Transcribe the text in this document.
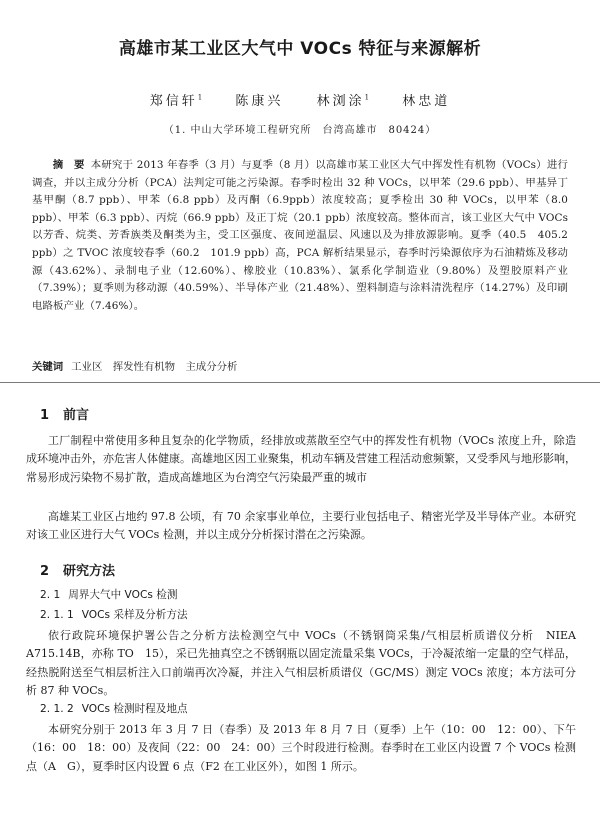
高雄市某工业区大气中 VOCs 特征与来源解析
郑信轩$^1$	陈康兴	林浏涂$^1$	林忠道
（1. 中山大学环境工程研究所　台湾高雄市　80424）
摘　要 本研究于 2013 年春季（3 月）与夏季（8 月）以高雄市某工业区大气中挥发性有机物（VOCs）进行调查，并以主成分分析（PCA）法判定可能之污染源。春季时检出 32 种 VOCs，以甲苯（29.6 ppb）、甲基异丁基甲酮（8.7 ppb）、甲苯（6.8 ppb）及丙酮（6.9ppb）浓度较高；夏季检出 30 种 VOCs，以甲苯（8.0 ppb）、甲苯（6.3 ppb）、丙烷（66.9 ppb）及正丁烷（20.1 ppb）浓度较高。整体而言，该工业区大气中 VOCs 以芳香、烷类、芳香族类及酮类为主，受工区强度、夜间逆温层、风速以及为排放源影响。夏季（40.5　405.2 ppb）之 TVOC 浓度较春季（60.2　101.9 ppb）高，PCA 解析结果显示，春季时污染源依序为石油精炼及移动源（43.62%）、录制电子业（12.60%）、橡胶业（10.83%）、氯系化学制造业（9.80%）及塑胶原料产业（7.39%）；夏季则为移动源（40.59%）、半导体产业（21.48%）、塑料制造与涂料清洗程序（14.27%）及印刷电路板产业（7.46%）。
关键词 工业区　挥发性有机物　主成分分析
1 前言
工厂制程中常使用多种且复杂的化学物质，经排放或蒸散至空气中的挥发性有机物（VOCs 浓度上升，除造成环境冲击外，亦危害人体健康。高雄地区因工业聚集，机动车辆及营建工程活动愈频繁，又受季风与地形影响，常易形成污染物不易扩散，造成高雄地区为台湾空气污染最严重的城市
高雄某工业区占地约 97.8 公顷，有 70 余家事业单位，主要行业包括电子、精密光学及半导体产业。本研究对该工业区进行大气 VOCs 检测，并以主成分分析探讨潜在之污染源。
2 研究方法
2. 1 周界大气中 VOCs 检测
2. 1. 1 VOCs 采样及分析方法
依行政院环境保护署公告之分析方法检测空气中 VOCs（不锈钢筒采集/气相层析质谱仪分析　NIEA A715.14B，亦称 TO　15），采已先抽真空之不锈钢瓶以固定流量采集 VOCs，于冷凝浓缩一定量的空气样品，经热脱附送至气相层析注入口前端再次冷凝，并注入气相层析质谱仪（GC/MS）测定 VOCs 浓度；本方法可分析 87 种 VOCs。
2. 1. 2 VOCs 检测时程及地点
本研究分别于 2013 年 3 月 7 日（春季）及 2013 年 8 月 7 日（夏季）上午（10：00　12：00）、下午（16：00　18：00）及夜间（22：00　24：00）三个时段进行检测。春季时在工业区内设置 7 个 VOCs 检测点（A　G），夏季时区内设置 6 点（F2 在工业区外），如图 1 所示。
